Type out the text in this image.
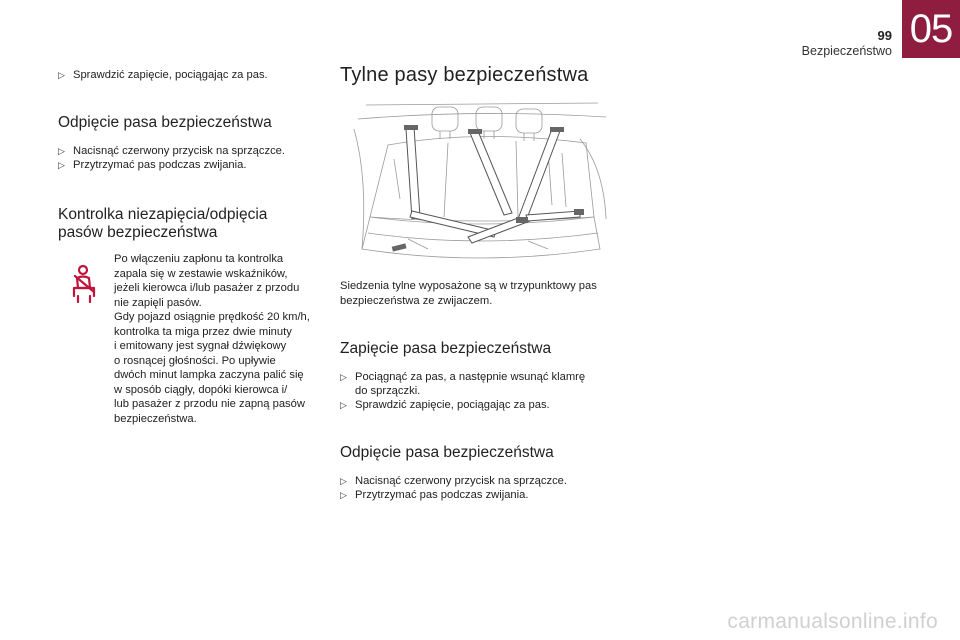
99
Bezpieczeństwo
05

▷ Sprawdzić zapięcie, pociągając za pas.

Odpięcie pasa bezpieczeństwa

▷ Nacisnąć czerwony przycisk na sprzączce.

▷ Przytrzymać pas podczas zwijania.

Kontrolka niezapięcia/odpięcia
pasów bezpieczeństwa
Po włączeniu zapłonu ta kontrolka
zapala się w zestawie wskaźników,
jeżeli kierowca i/lub pasażer z przodu
nie zapięli pasów.
Gdy pojazd osiągnie prędkość 20 km/h,
kontrolka ta miga przez dwie minuty
i emitowany jest sygnał dźwiękowy
o rosnącej głośności. Po upływie
dwóch minut lampka zaczyna palić się
w sposób ciągły, dopóki kierowca i/
lub pasażer z przodu nie zapną pasów
bezpieczeństwa.
Tylne pasy bezpieczeństwa
Siedzenia tylne wyposażone są w trzypunktowy pas
bezpieczeństwa ze zwijaczem.
Zapięcie pasa bezpieczeństwa
▷ Pociągnąć za pas, a następnie wsunąć klamrę
do sprzączki.
▷ Sprawdzić zapięcie, pociągając za pas.
Odpięcie pasa bezpieczeństwa
▷ Nacisnąć czerwony przycisk na sprzączce.
▷ Przytrzymać pas podczas zwijania.
carmanualsonline.info
